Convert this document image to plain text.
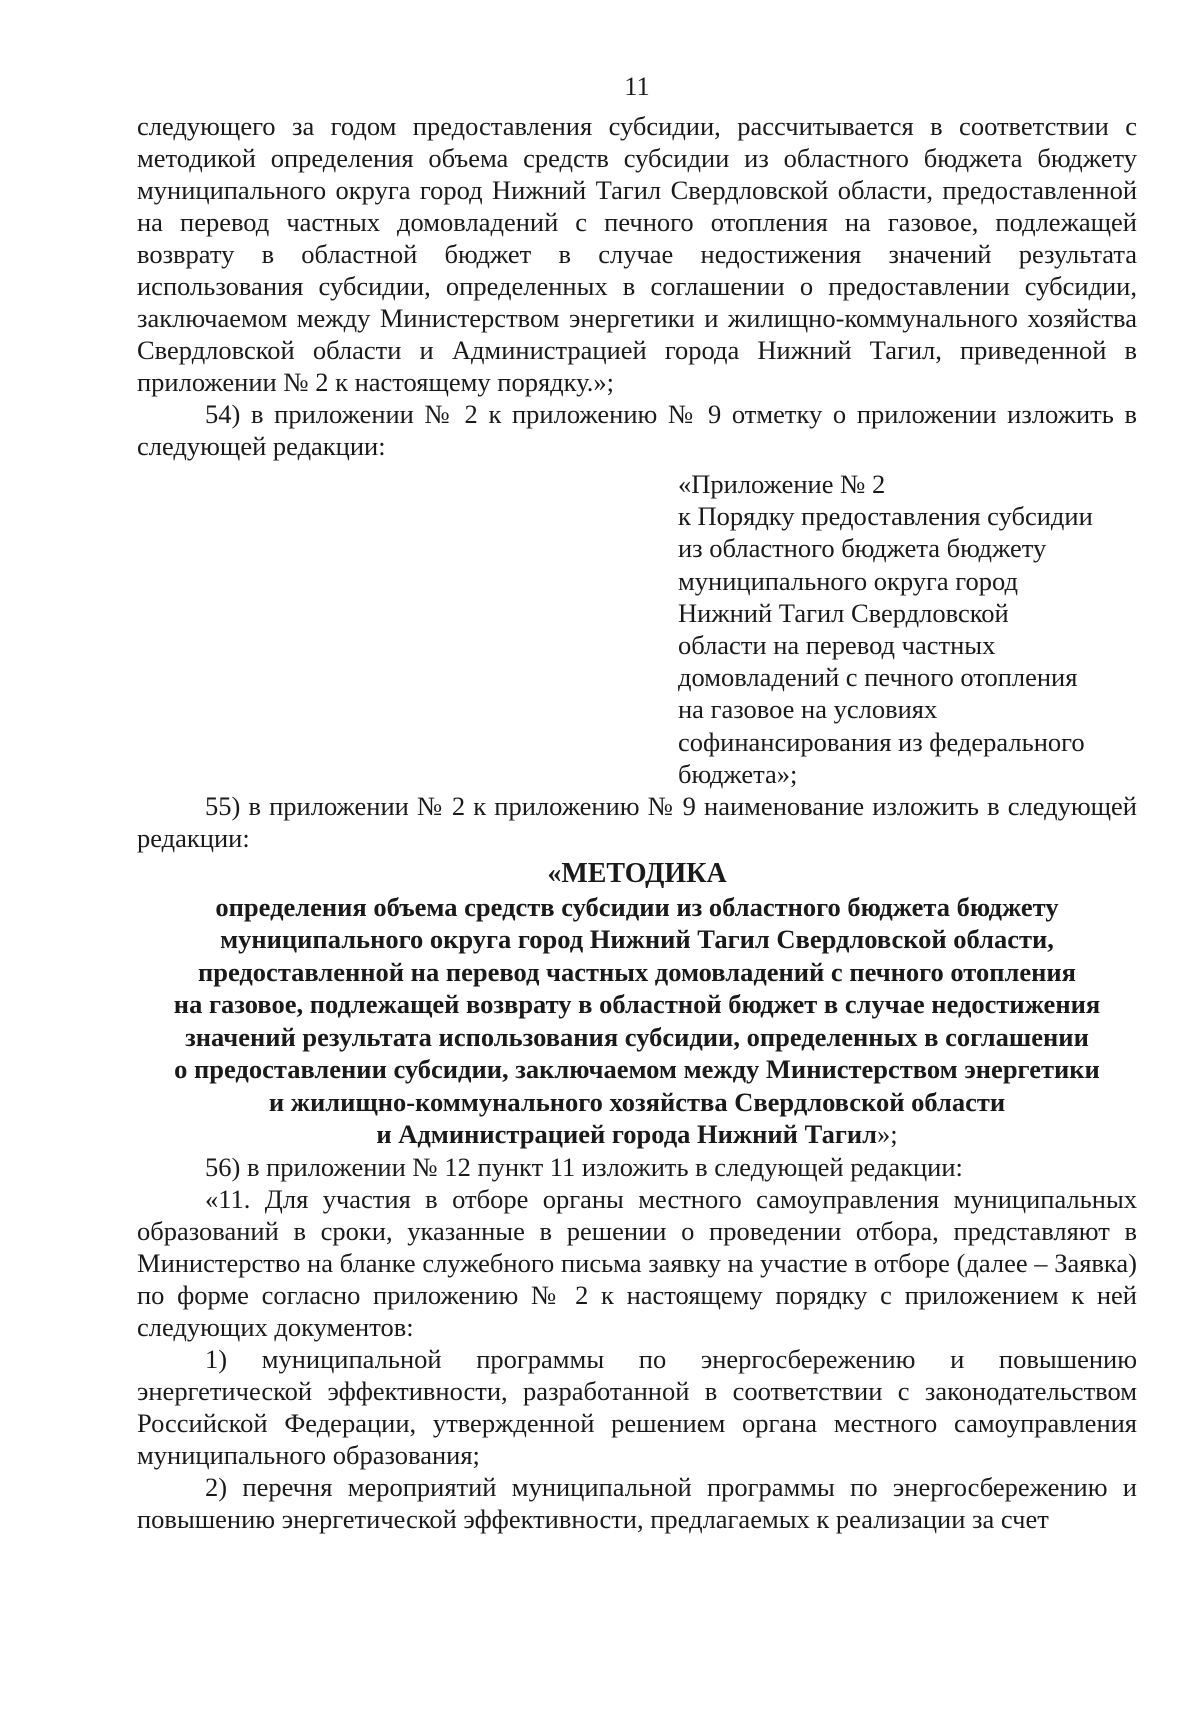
11

следующего за годом предоставления субсидии, рассчитывается в соответствии с методикой определения объема средств субсидии из областного бюджета бюджету муниципального округа город Нижний Тагил Свердловской области, предоставленной на перевод частных домовладений с печного отопления на газовое, подлежащей возврату в областной бюджет в случае недостижения значений результата использования субсидии, определенных в соглашении о предоставлении субсидии, заключаемом между Министерством энергетики и жилищно-коммунального хозяйства Свердловской области и Администрацией города Нижний Тагил, приведенной в приложении № 2 к настоящему порядку.»;

54) в приложении № 2 к приложению № 9 отметку о приложении изложить в следующей редакции:

«Приложение № 2
к Порядку предоставления субсидии
из областного бюджета бюджету
муниципального округа город
Нижний Тагил Свердловской
области на перевод частных
домовладений с печного отопления
на газовое на условиях
софинансирования из федерального
бюджета»;

55) в приложении № 2 к приложению № 9 наименование изложить в следующей редакции:

«МЕТОДИКА
определения объема средств субсидии из областного бюджета бюджету
муниципального округа город Нижний Тагил Свердловской области,
предоставленной на перевод частных домовладений с печного отопления
на газовое, подлежащей возврату в областной бюджет в случае недостижения
значений результата использования субсидии, определенных в соглашении
о предоставлении субсидии, заключаемом между Министерством энергетики
и жилищно-коммунального хозяйства Свердловской области
и Администрацией города Нижний Тагил»;

56) в приложении № 12 пункт 11 изложить в следующей редакции:

«11. Для участия в отборе органы местного самоуправления муниципальных образований в сроки, указанные в решении о проведении отбора, представляют в Министерство на бланке служебного письма заявку на участие в отборе (далее – Заявка) по форме согласно приложению № 2 к настоящему порядку с приложением к ней следующих документов:

1) муниципальной программы по энергосбережению и повышению энергетической эффективности, разработанной в соответствии с законодательством Российской Федерации, утвержденной решением органа местного самоуправления муниципального образования;

2) перечня мероприятий муниципальной программы по энергосбережению и повышению энергетической эффективности, предлагаемых к реализации за счет
